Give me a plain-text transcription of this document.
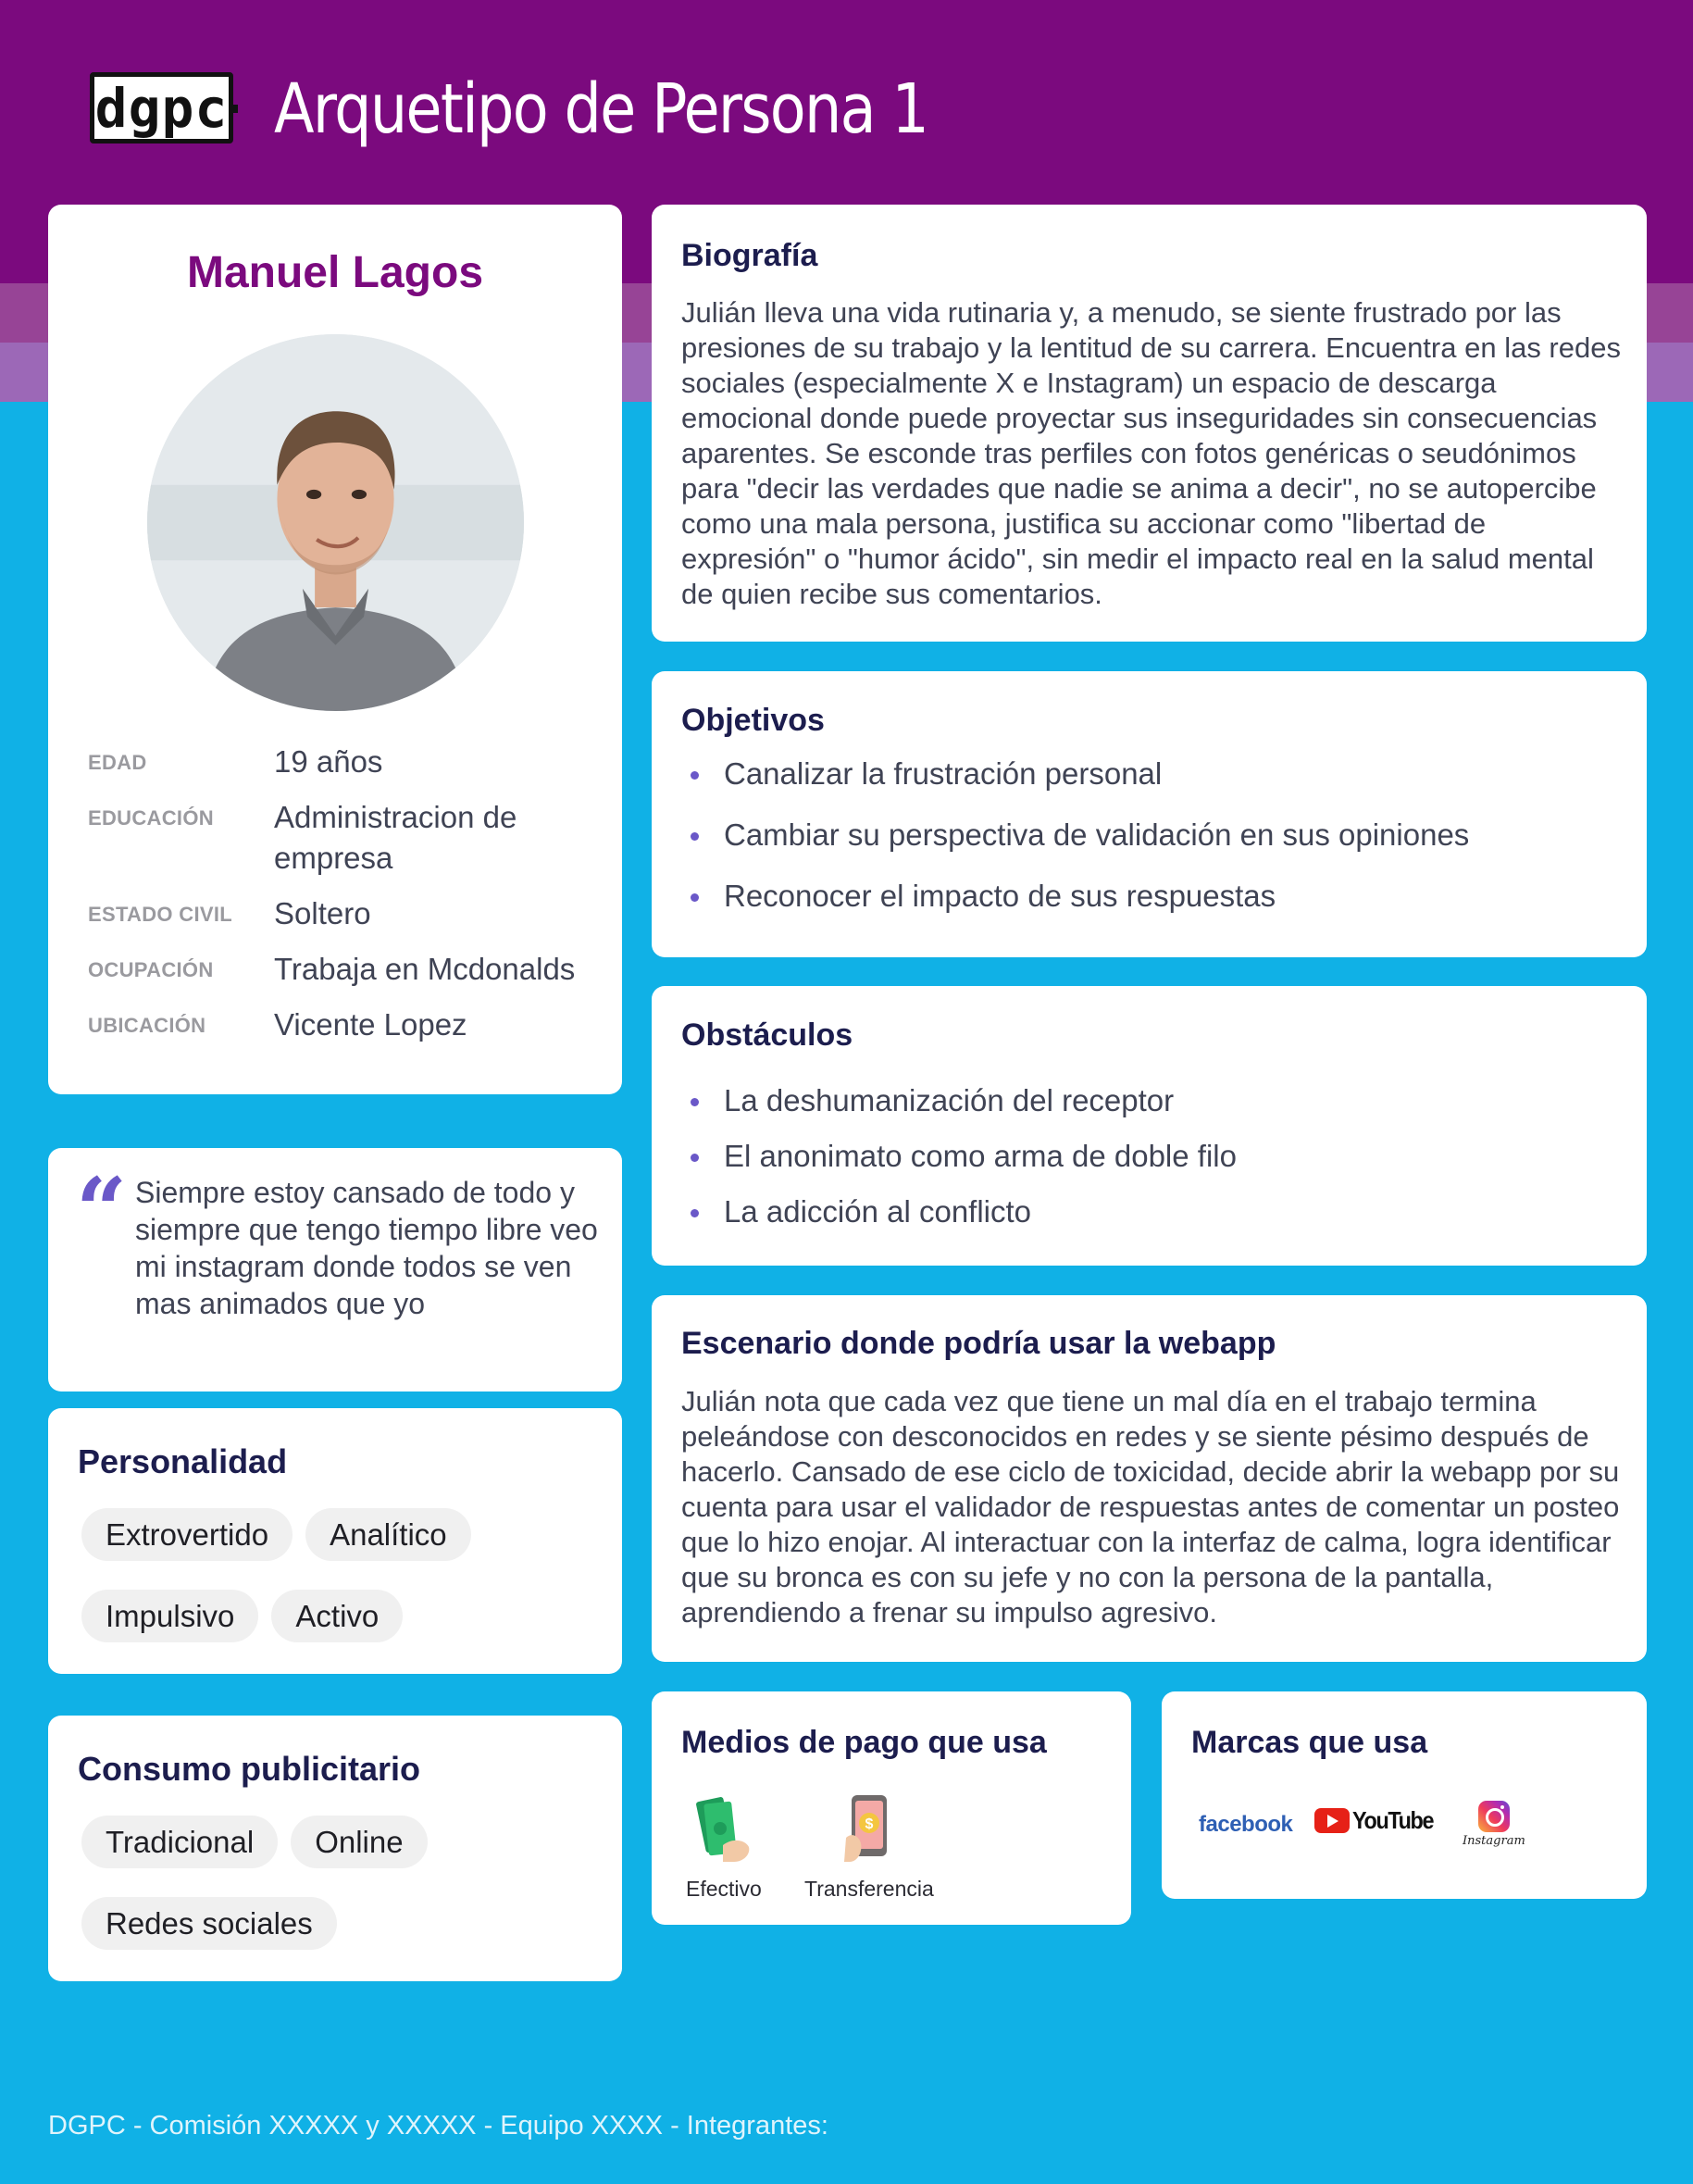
dgpc Arquetipo de Persona 1
Manuel Lagos
EDAD	19 años
EDUCACIÓN	Administracion de empresa
ESTADO CIVIL	Soltero
OCUPACIÓN	Trabaja en Mcdonalds
UBICACIÓN	Vicente Lopez
“ Siempre estoy cansado de todo y siempre que tengo tiempo libre veo mi instagram donde todos se ven mas animados que yo
Personalidad
Extrovertido	Analítico
Impulsivo	Activo
Consumo publicitario
Tradicional	Online
Redes sociales
Biografía
Julián lleva una vida rutinaria y, a menudo, se siente frustrado por las presiones de su trabajo y la lentitud de su carrera. Encuentra en las redes sociales (especialmente X e Instagram) un espacio de descarga emocional donde puede proyectar sus inseguridades sin consecuencias aparentes. Se esconde tras perfiles con fotos genéricas o seudónimos para "decir las verdades que nadie se anima a decir", no se autopercibe como una mala persona, justifica su accionar como "libertad de expresión" o "humor ácido", sin medir el impacto real en la salud mental de quien recibe sus comentarios.
Objetivos
Canalizar la frustración personal
Cambiar su perspectiva de validación en sus opiniones
Reconocer el impacto de sus respuestas
Obstáculos
La deshumanización del receptor
El anonimato como arma de doble filo
La adicción al conflicto
Escenario donde podría usar la webapp
Julián nota que cada vez que tiene un mal día en el trabajo termina peleándose con desconocidos en redes y se siente pésimo después de hacerlo. Cansado de ese ciclo de toxicidad, decide abrir la webapp por su cuenta para usar el validador de respuestas antes de comentar un posteo que lo hizo enojar. Al interactuar con la interfaz de calma, logra identificar que su bronca es con su jefe y no con la persona de la pantalla, aprendiendo a frenar su impulso agresivo.
Medios de pago que usa
Efectivo
$
Transferencia
Marcas que usa
facebook YouTube
Instagram
DGPC - Comisión XXXXX y XXXXX - Equipo XXXX - Integrantes:
